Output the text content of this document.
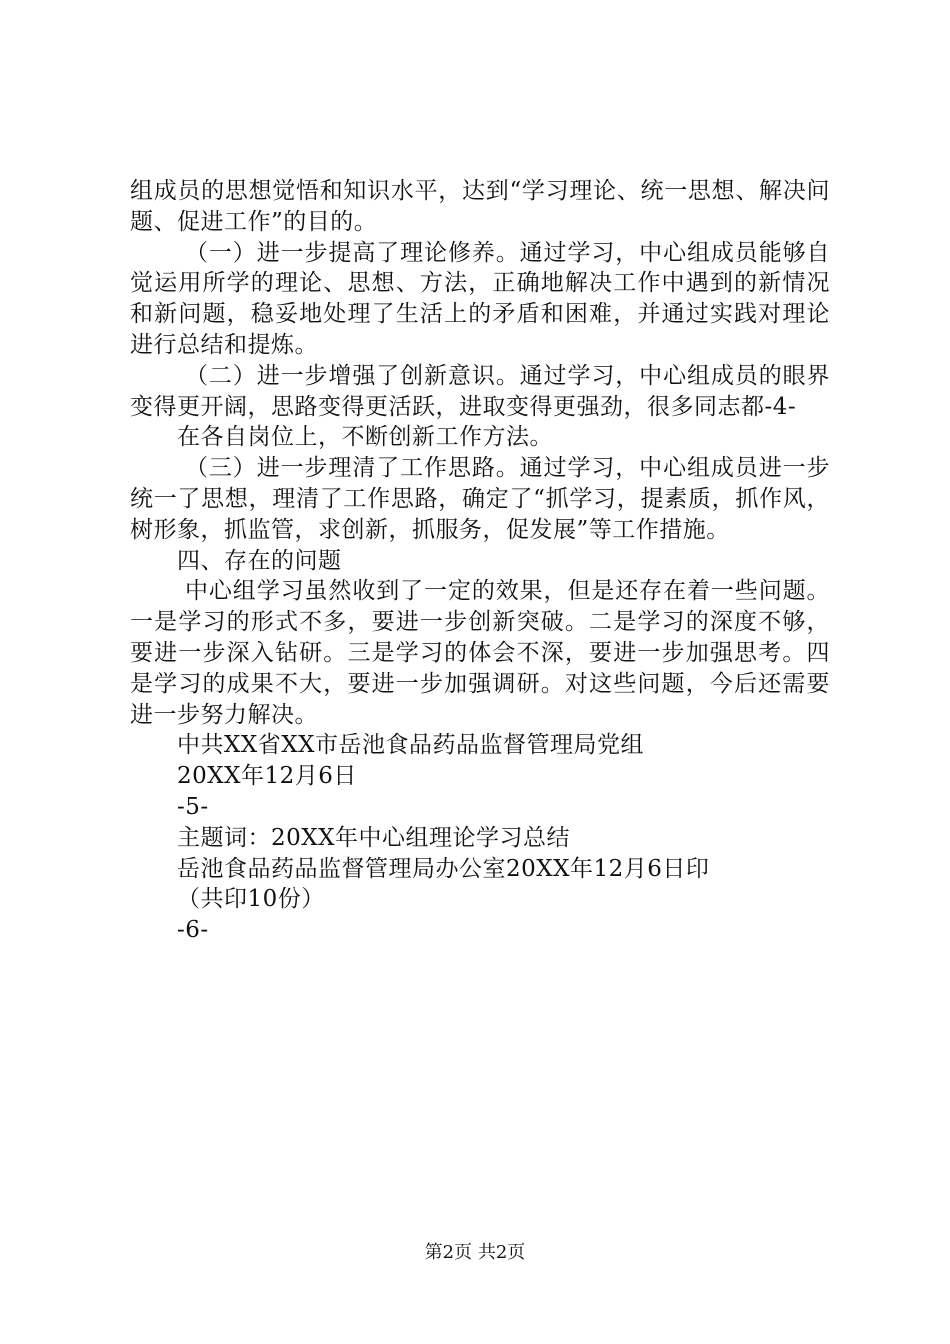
组成员的思想觉悟和知识水平，达到“学习理论、统一思想、解决问题、促进工作”的目的。

（一）进一步提高了理论修养。通过学习，中心组成员能够自觉运用所学的理论、思想、方法，正确地解决工作中遇到的新情况和新问题，稳妥地处理了生活上的矛盾和困难，并通过实践对理论进行总结和提炼。

（二）进一步增强了创新意识。通过学习，中心组成员的眼界变得更开阔，思路变得更活跃，进取变得更强劲，很多同志都-4-

在各自岗位上，不断创新工作方法。

（三）进一步理清了工作思路。通过学习，中心组成员进一步统一了思想，理清了工作思路，确定了“抓学习，提素质，抓作风，树形象，抓监管，求创新，抓服务，促发展”等工作措施。

四、存在的问题

中心组学习虽然收到了一定的效果，但是还存在着一些问题。一是学习的形式不多，要进一步创新突破。二是学习的深度不够，要进一步深入钻研。三是学习的体会不深，要进一步加强思考。四是学习的成果不大，要进一步加强调研。对这些问题，今后还需要进一步努力解决。

中共XX省XX市岳池食品药品监督管理局党组

20XX年12月6日

-5-

主题词：20XX年中心组理论学习总结

岳池食品药品监督管理局办公室20XX年12月6日印

（共印10份）

-6-

第2页 共2页
